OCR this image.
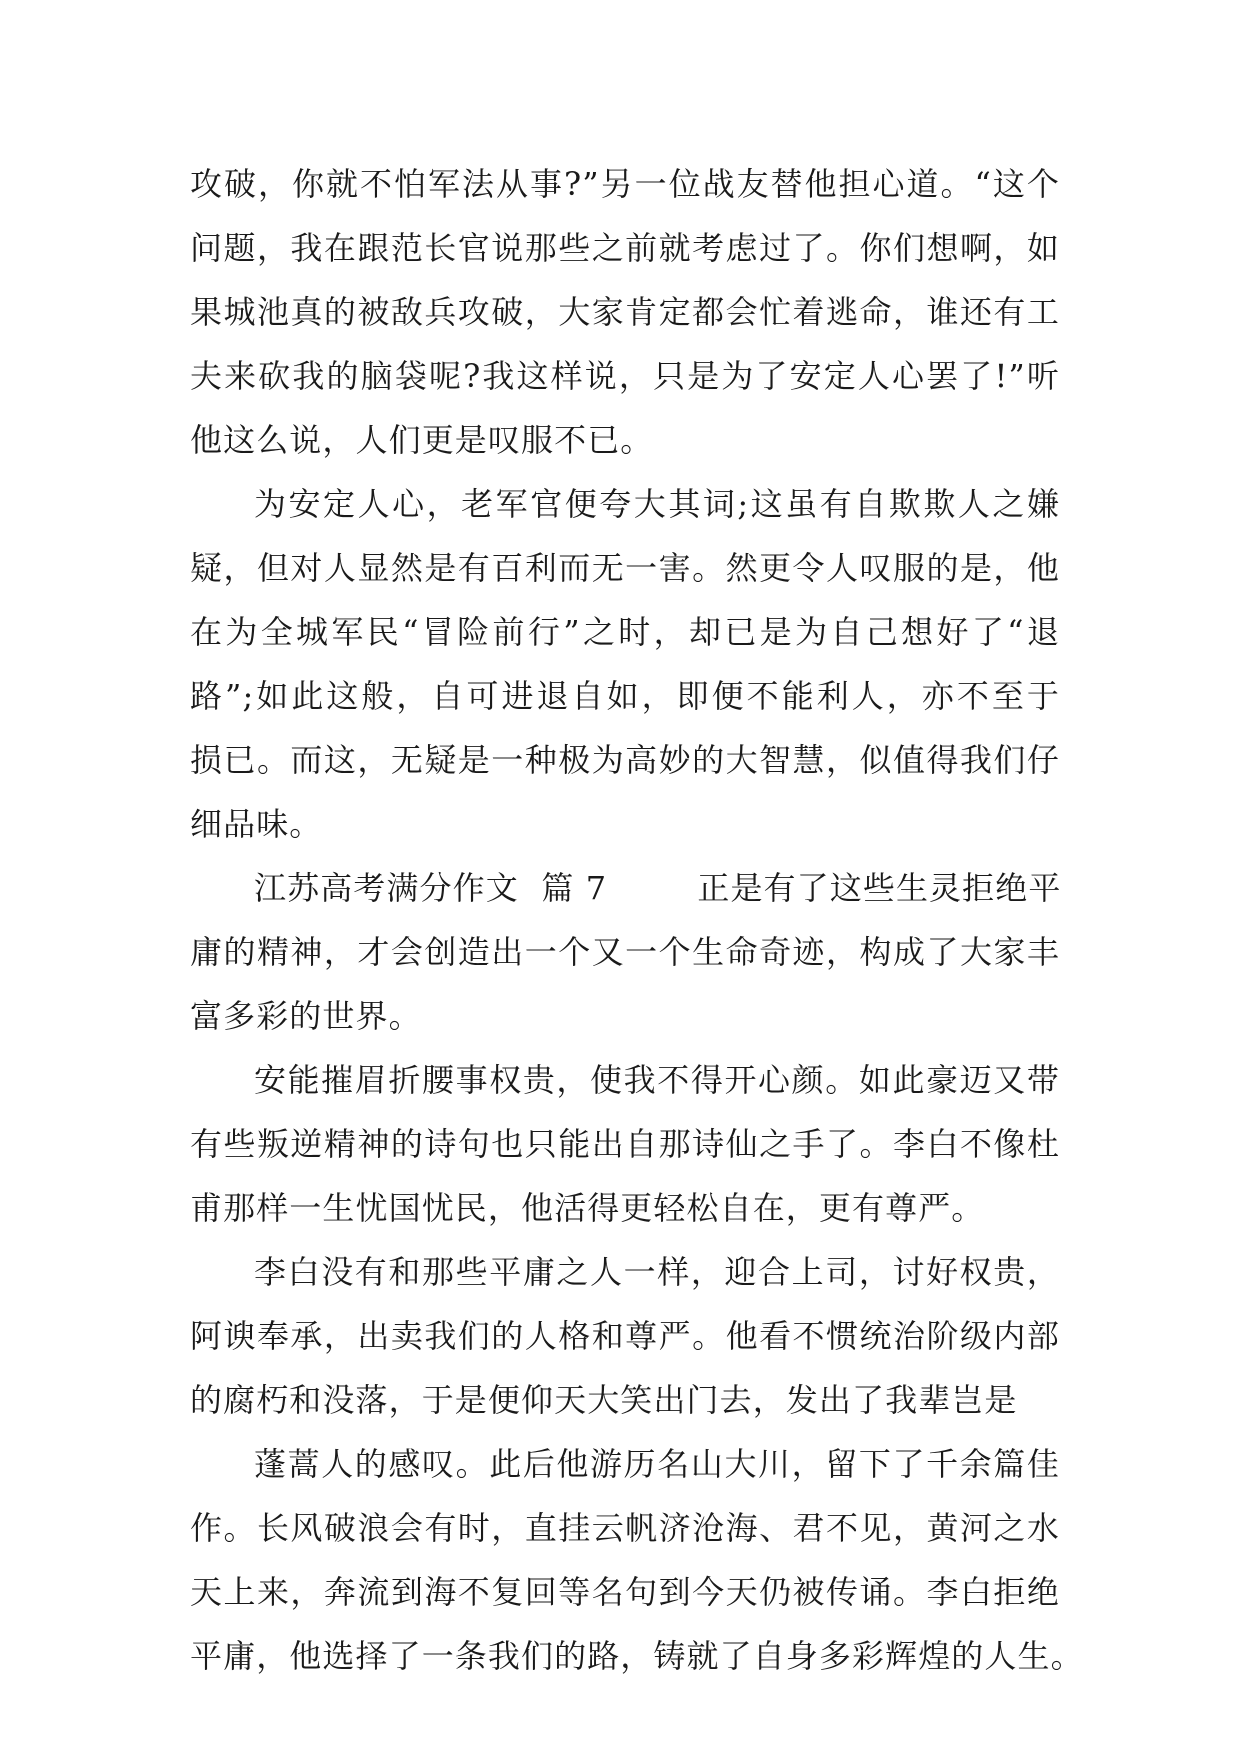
攻破，你就不怕军法从事?”另一位战友替他担心道。“这个
问题，我在跟范长官说那些之前就考虑过了。你们想啊，如
果城池真的被敌兵攻破，大家肯定都会忙着逃命，谁还有工
夫来砍我的脑袋呢?我这样说，只是为了安定人心罢了!”听
他这么说，人们更是叹服不已。
为安定人心，老军官便夸大其词;这虽有自欺欺人之嫌
疑，但对人显然是有百利而无一害。然更令人叹服的是，他
在为全城军民“冒险前行”之时，却已是为自己想好了“退
路”;如此这般，自可进退自如，即便不能利人，亦不至于
损已。而这，无疑是一种极为高妙的大智慧，似值得我们仔
细品味。
江苏高考满分作文  篇 7        正是有了这些生灵拒绝平
庸的精神，才会创造出一个又一个生命奇迹，构成了大家丰
富多彩的世界。
安能摧眉折腰事权贵，使我不得开心颜。如此豪迈又带
有些叛逆精神的诗句也只能出自那诗仙之手了。李白不像杜
甫那样一生忧国忧民，他活得更轻松自在，更有尊严。
李白没有和那些平庸之人一样，迎合上司，讨好权贵，
阿谀奉承，出卖我们的人格和尊严。他看不惯统治阶级内部
的腐朽和没落，于是便仰天大笑出门去，发出了我辈岂是
蓬蒿人的感叹。此后他游历名山大川，留下了千余篇佳
作。长风破浪会有时，直挂云帆济沧海、君不见，黄河之水
天上来，奔流到海不复回等名句到今天仍被传诵。李白拒绝
平庸，他选择了一条我们的路，铸就了自身多彩辉煌的人生。
